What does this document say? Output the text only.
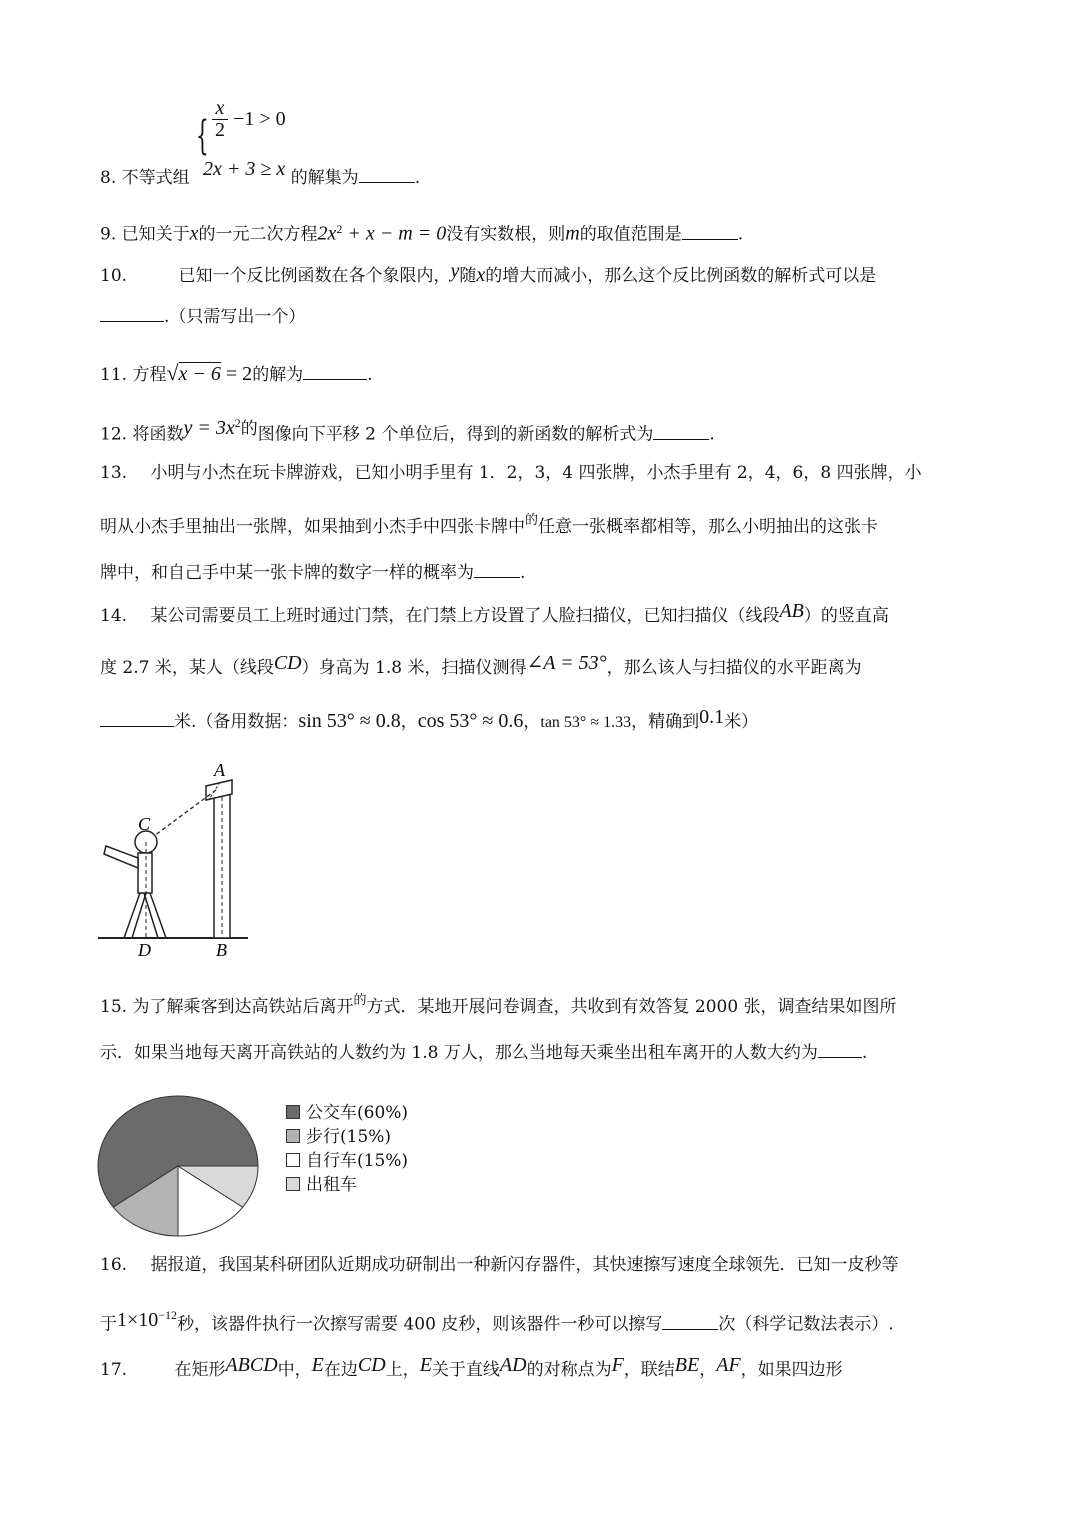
{ $\frac{x}{2} -1 > 0$
8. 不等式组 2x + 3 ≥ x 的解集为	.
9. 已知关于x的一元二次方程$2x^2 + x - m = 0$没有实数根，则m的取值范围是	.
10.	已知一个反比例函数在各个象限内，y随x的增大而减小，那么这个反比例函数的解析式可以是
.（只需写出一个）
11. 方程√x − 6 = 2的解为	.
12. 将函数$y = 3x^2$的图像向下平移 2 个单位后，得到的新函数的解析式为	.
13. 小明与小杰在玩卡牌游戏，已知小明手里有 1．2，3，4 四张牌，小杰手里有 2，4，6，8 四张牌，小
明从小杰手里抽出一张牌，如果抽到小杰手中四张卡牌中$^的$任意一张概率都相等，那么小明抽出的这张卡
牌中，和自己手中某一张卡牌的数字一样的概率为	.
14. 某公司需要员工上班时通过门禁，在门禁上方设置了人脸扫描仪，已知扫描仪（线段AB）的竖直高
度 2.7 米，某人（线段CD）身高为 1.8 米，扫描仪测得∠A = 53°，那么该人与扫描仪的水平距离为
米.（备用数据：sin 53° ≈ 0.8，cos 53° ≈ 0.6，tan 53° ≈ 1.33，精确到0.1米）
A
B
C
D
15. 为了解乘客到达高铁站后离开$^的$方式．某地开展问卷调查，共收到有效答复 2000 张，调查结果如图所
示．如果当地每天离开高铁站的人数约为 1.8 万人，那么当地每天乘坐出租车离开的人数大约为	.
公交车(60%)
步行(15%)
自行车(15%)
出租车
16. 据报道，我国某科研团队近期成功研制出一种新闪存器件，其快速擦写速度全球领先．已知一皮秒等
于$1\times 10^{-12}$秒，该器件执行一次擦写需要 400 皮秒，则该器件一秒可以擦写	次（科学记数法表示）.
17.	在矩形ABCD中，E在边CD上，E关于直线AD的对称点为F，联结BE，AF，如果四边形
